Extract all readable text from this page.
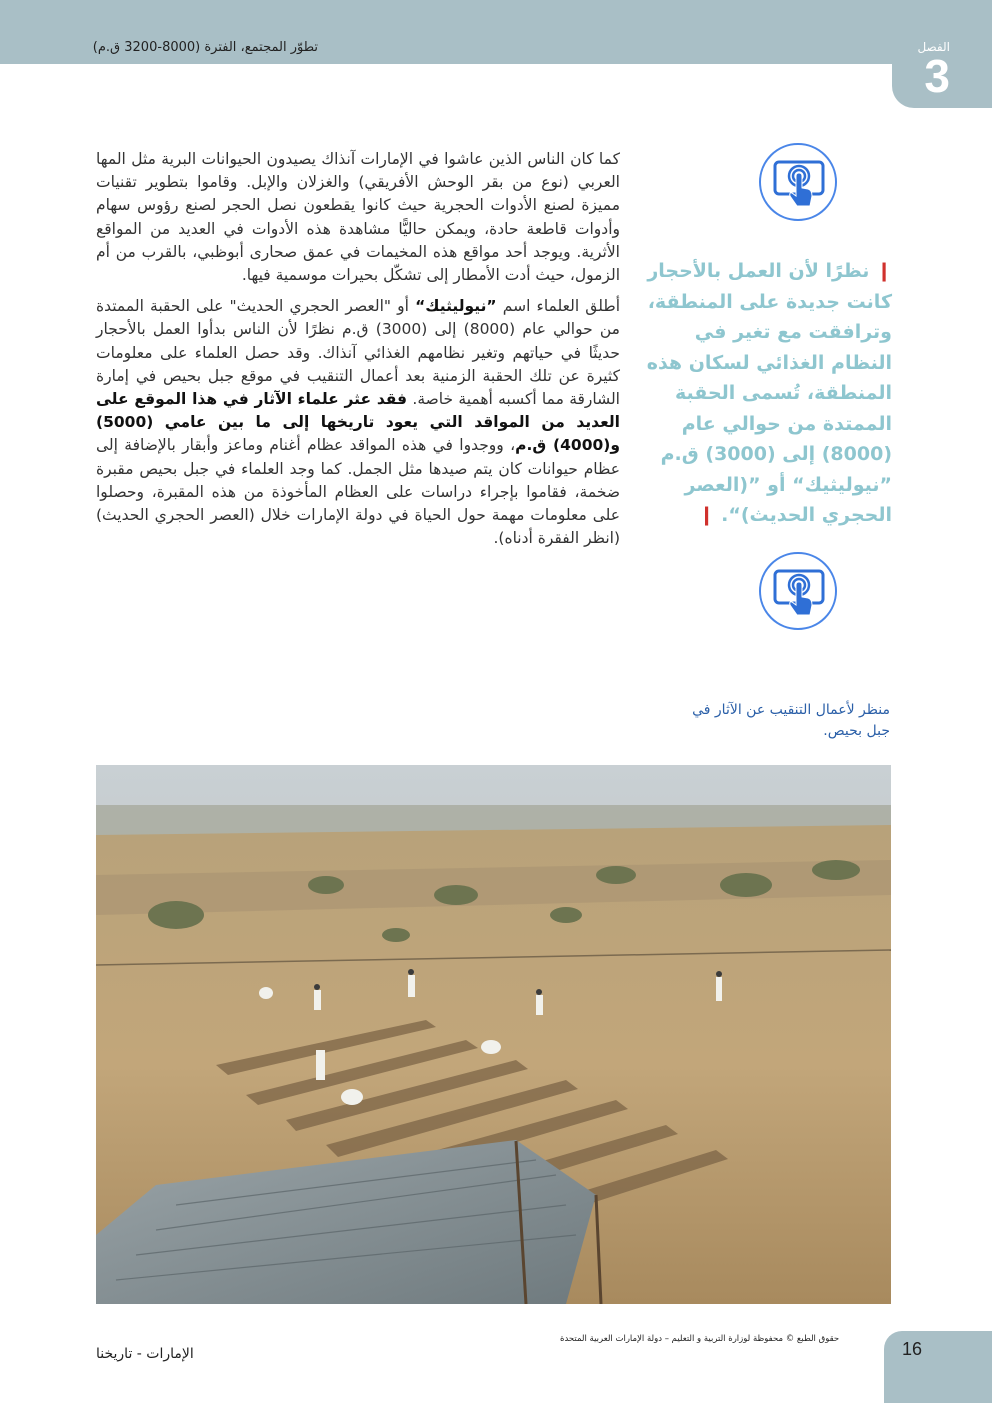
تطوّر المجتمع، الفترة (8000-3200 ق.م)	الفصل
3

كما كان الناس الذين عاشوا في الإمارات آنذاك يصيدون الحيوانات البرية مثل المها العربي (نوع من بقر الوحش الأفريقي) والغزلان والإبل. وقاموا بتطوير تقنيات مميزة لصنع الأدوات الحجرية حيث كانوا يقطعون نصل الحجر لصنع رؤوس سهام وأدوات قاطعة حادة، ويمكن حاليًّا مشاهدة هذه الأدوات في العديد من المواقع الأثرية. ويوجد أحد مواقع هذه المخيمات في عمق صحارى أبوظبي، بالقرب من أم الزمول، حيث أدت الأمطار إلى تشكّل بحيرات موسمية فيها.

أطلق العلماء اسم ”نيوليثيك“ أو "العصر الحجري الحديث" على الحقبة الممتدة من حوالي عام (8000) إلى (3000) ق.م نظرًا لأن الناس بدأوا العمل بالأحجار حديثًا في حياتهم وتغير نظامهم الغذائي آنذاك. وقد حصل العلماء على معلومات كثيرة عن تلك الحقبة الزمنية بعد أعمال التنقيب في موقع جبل بحيص في إمارة الشارقة مما أكسبه أهمية خاصة. فقد عثر علماء الآثار في هذا الموقع على العديد من المواقد التي يعود تاريخها إلى ما بين عامي (5000) و(4000) ق.م، ووجدوا في هذه المواقد عظام أغنام وماعز وأبقار بالإضافة إلى عظام حيوانات كان يتم صيدها مثل الجمل. كما وجد العلماء في جبل بحيص مقبرة ضخمة، فقاموا بإجراء دراسات على العظام المأخوذة من هذه المقبرة، وحصلوا على معلومات مهمة حول الحياة في دولة الإمارات خلال (العصر الحجري الحديث) (انظر الفقرة أدناه).

❙ نظرًا لأن العمل بالأحجار كانت جديدة على المنطقة، وترافقت مع تغير في النظام الغذائي لسكان هذه المنطقة، تُسمى الحقبة الممتدة من حوالي عام (8000) إلى (3000) ق.م ”نيوليثيك“ أو ”(العصر الحجري الحديث)“. ❙
منظر لأعمال التنقيب عن الآثار في جبل بحيص.
حقوق الطبع © محفوظة لوزارة التربية و التعليم – دولة الإمارات العربية المتحدة
الإمارات - تاريخنا	16
